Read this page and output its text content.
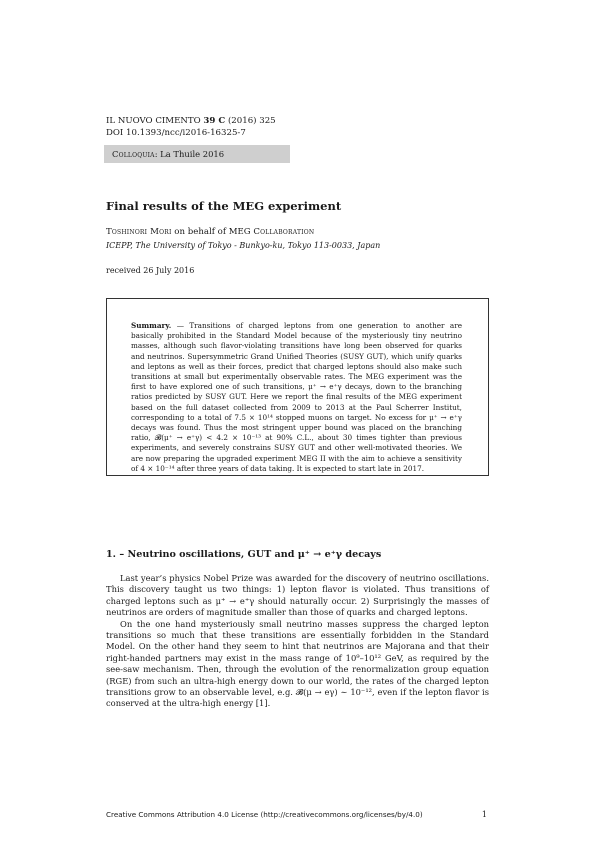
IL NUOVO CIMENTO 39 C (2016) 325
DOI 10.1393/ncc/i2016-16325-7
Colloquia: La Thuile 2016
Final results of the MEG experiment
Toshinori Mori on behalf of MEG Collaboration
ICEPP, The University of Tokyo - Bunkyo-ku, Tokyo 113-0033, Japan
received 26 July 2016
Summary. — Transitions of charged leptons from one generation to another are basically prohibited in the Standard Model because of the mysteriously tiny neutrino masses, although such flavor-violating transitions have long been observed for quarks and neutrinos. Supersymmetric Grand Unified Theories (SUSY GUT), which unify quarks and leptons as well as their forces, predict that charged leptons should also make such transitions at small but experimentally observable rates. The MEG experiment was the first to have explored one of such transitions, μ⁺ → e⁺γ decays, down to the branching ratios predicted by SUSY GUT. Here we report the final results of the MEG experiment based on the full dataset collected from 2009 to 2013 at the Paul Scherrer Institut, corresponding to a total of 7.5 × 10¹⁴ stopped muons on target. No excess for μ⁺ → e⁺γ decays was found. Thus the most stringent upper bound was placed on the branching ratio, 𝓑(μ⁺ → e⁺γ) < 4.2 × 10⁻¹³ at 90% C.L., about 30 times tighter than previous experiments, and severely constrains SUSY GUT and other well-motivated theories. We are now preparing the upgraded experiment MEG II with the aim to achieve a sensitivity of 4 × 10⁻¹⁴ after three years of data taking. It is expected to start late in 2017.
1. – Neutrino oscillations, GUT and μ⁺ → e⁺γ decays

Last year’s physics Nobel Prize was awarded for the discovery of neutrino oscillations. This discovery taught us two things: 1) lepton flavor is violated. Thus transitions of charged leptons such as μ⁺ → e⁺γ should naturally occur. 2) Surprisingly the masses of neutrinos are orders of magnitude smaller than those of quarks and charged leptons.

On the one hand mysteriously small neutrino masses suppress the charged lepton transitions so much that these transitions are essentially forbidden in the Standard Model. On the other hand they seem to hint that neutrinos are Majorana and that their right-handed partners may exist in the mass range of 10⁹–10¹² GeV, as required by the see-saw mechanism. Then, through the evolution of the renormalization group equation (RGE) from such an ultra-high energy down to our world, the rates of the charged lepton transitions grow to an observable level, e.g. 𝓑(μ → eγ) ∼ 10⁻¹², even if the lepton flavor is conserved at the ultra-high energy [1].

Creative Commons Attribution 4.0 License (http://creativecommons.org/licenses/by/4.0)	1
